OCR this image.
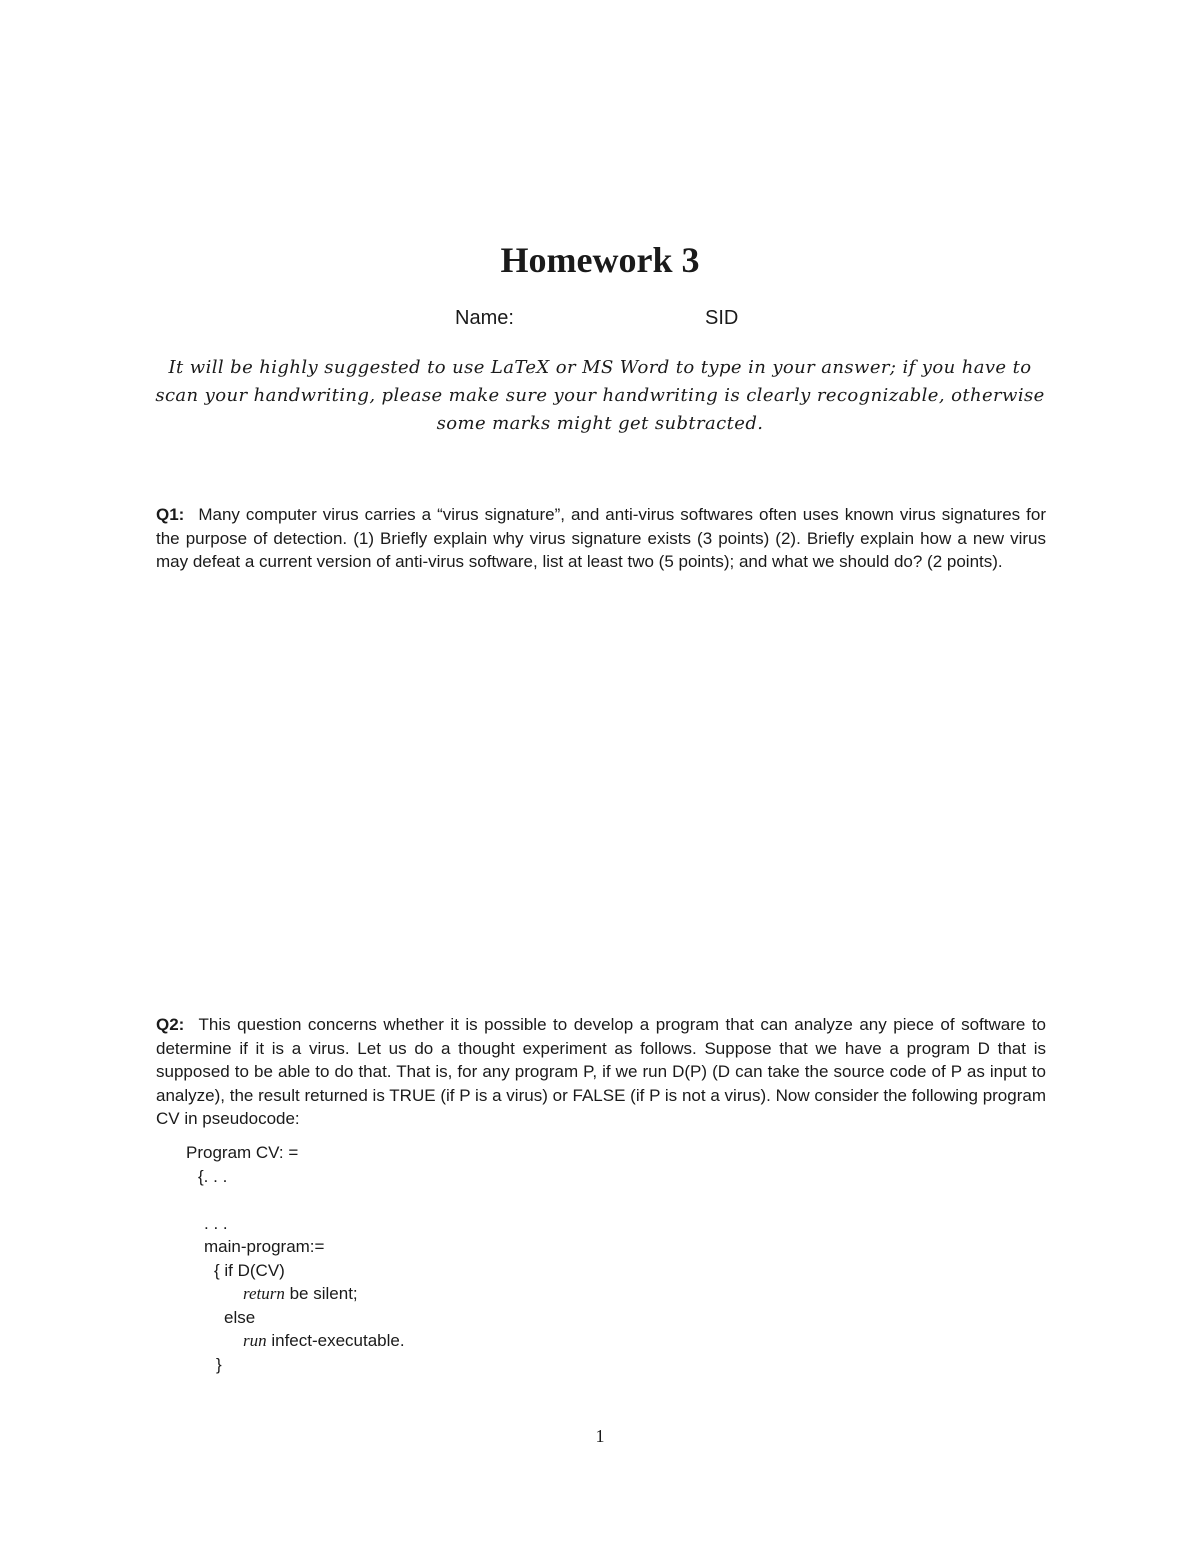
Homework 3
Name:	SID
It will be highly suggested to use LaTeX or MS Word to type in your answer; if you have to scan your handwriting, please make sure your handwriting is clearly recognizable, otherwise some marks might get subtracted.
Q1: Many computer virus carries a “virus signature”, and anti-virus softwares often uses known virus signatures for the purpose of detection. (1) Briefly explain why virus signature exists (3 points) (2). Briefly explain how a new virus may defeat a current version of anti-virus software, list at least two (5 points); and what we should do? (2 points).
Q2: This question concerns whether it is possible to develop a program that can analyze any piece of software to determine if it is a virus. Let us do a thought experiment as follows. Suppose that we have a program D that is supposed to be able to do that. That is, for any program P, if we run D(P) (D can take the source code of P as input to analyze), the result returned is TRUE (if P is a virus) or FALSE (if P is not a virus). Now consider the following program CV in pseudocode:
Program CV: =
{. . .
. . .
main-program:=
{ if D(CV)
return be silent;
else
run infect-executable.
}
1
